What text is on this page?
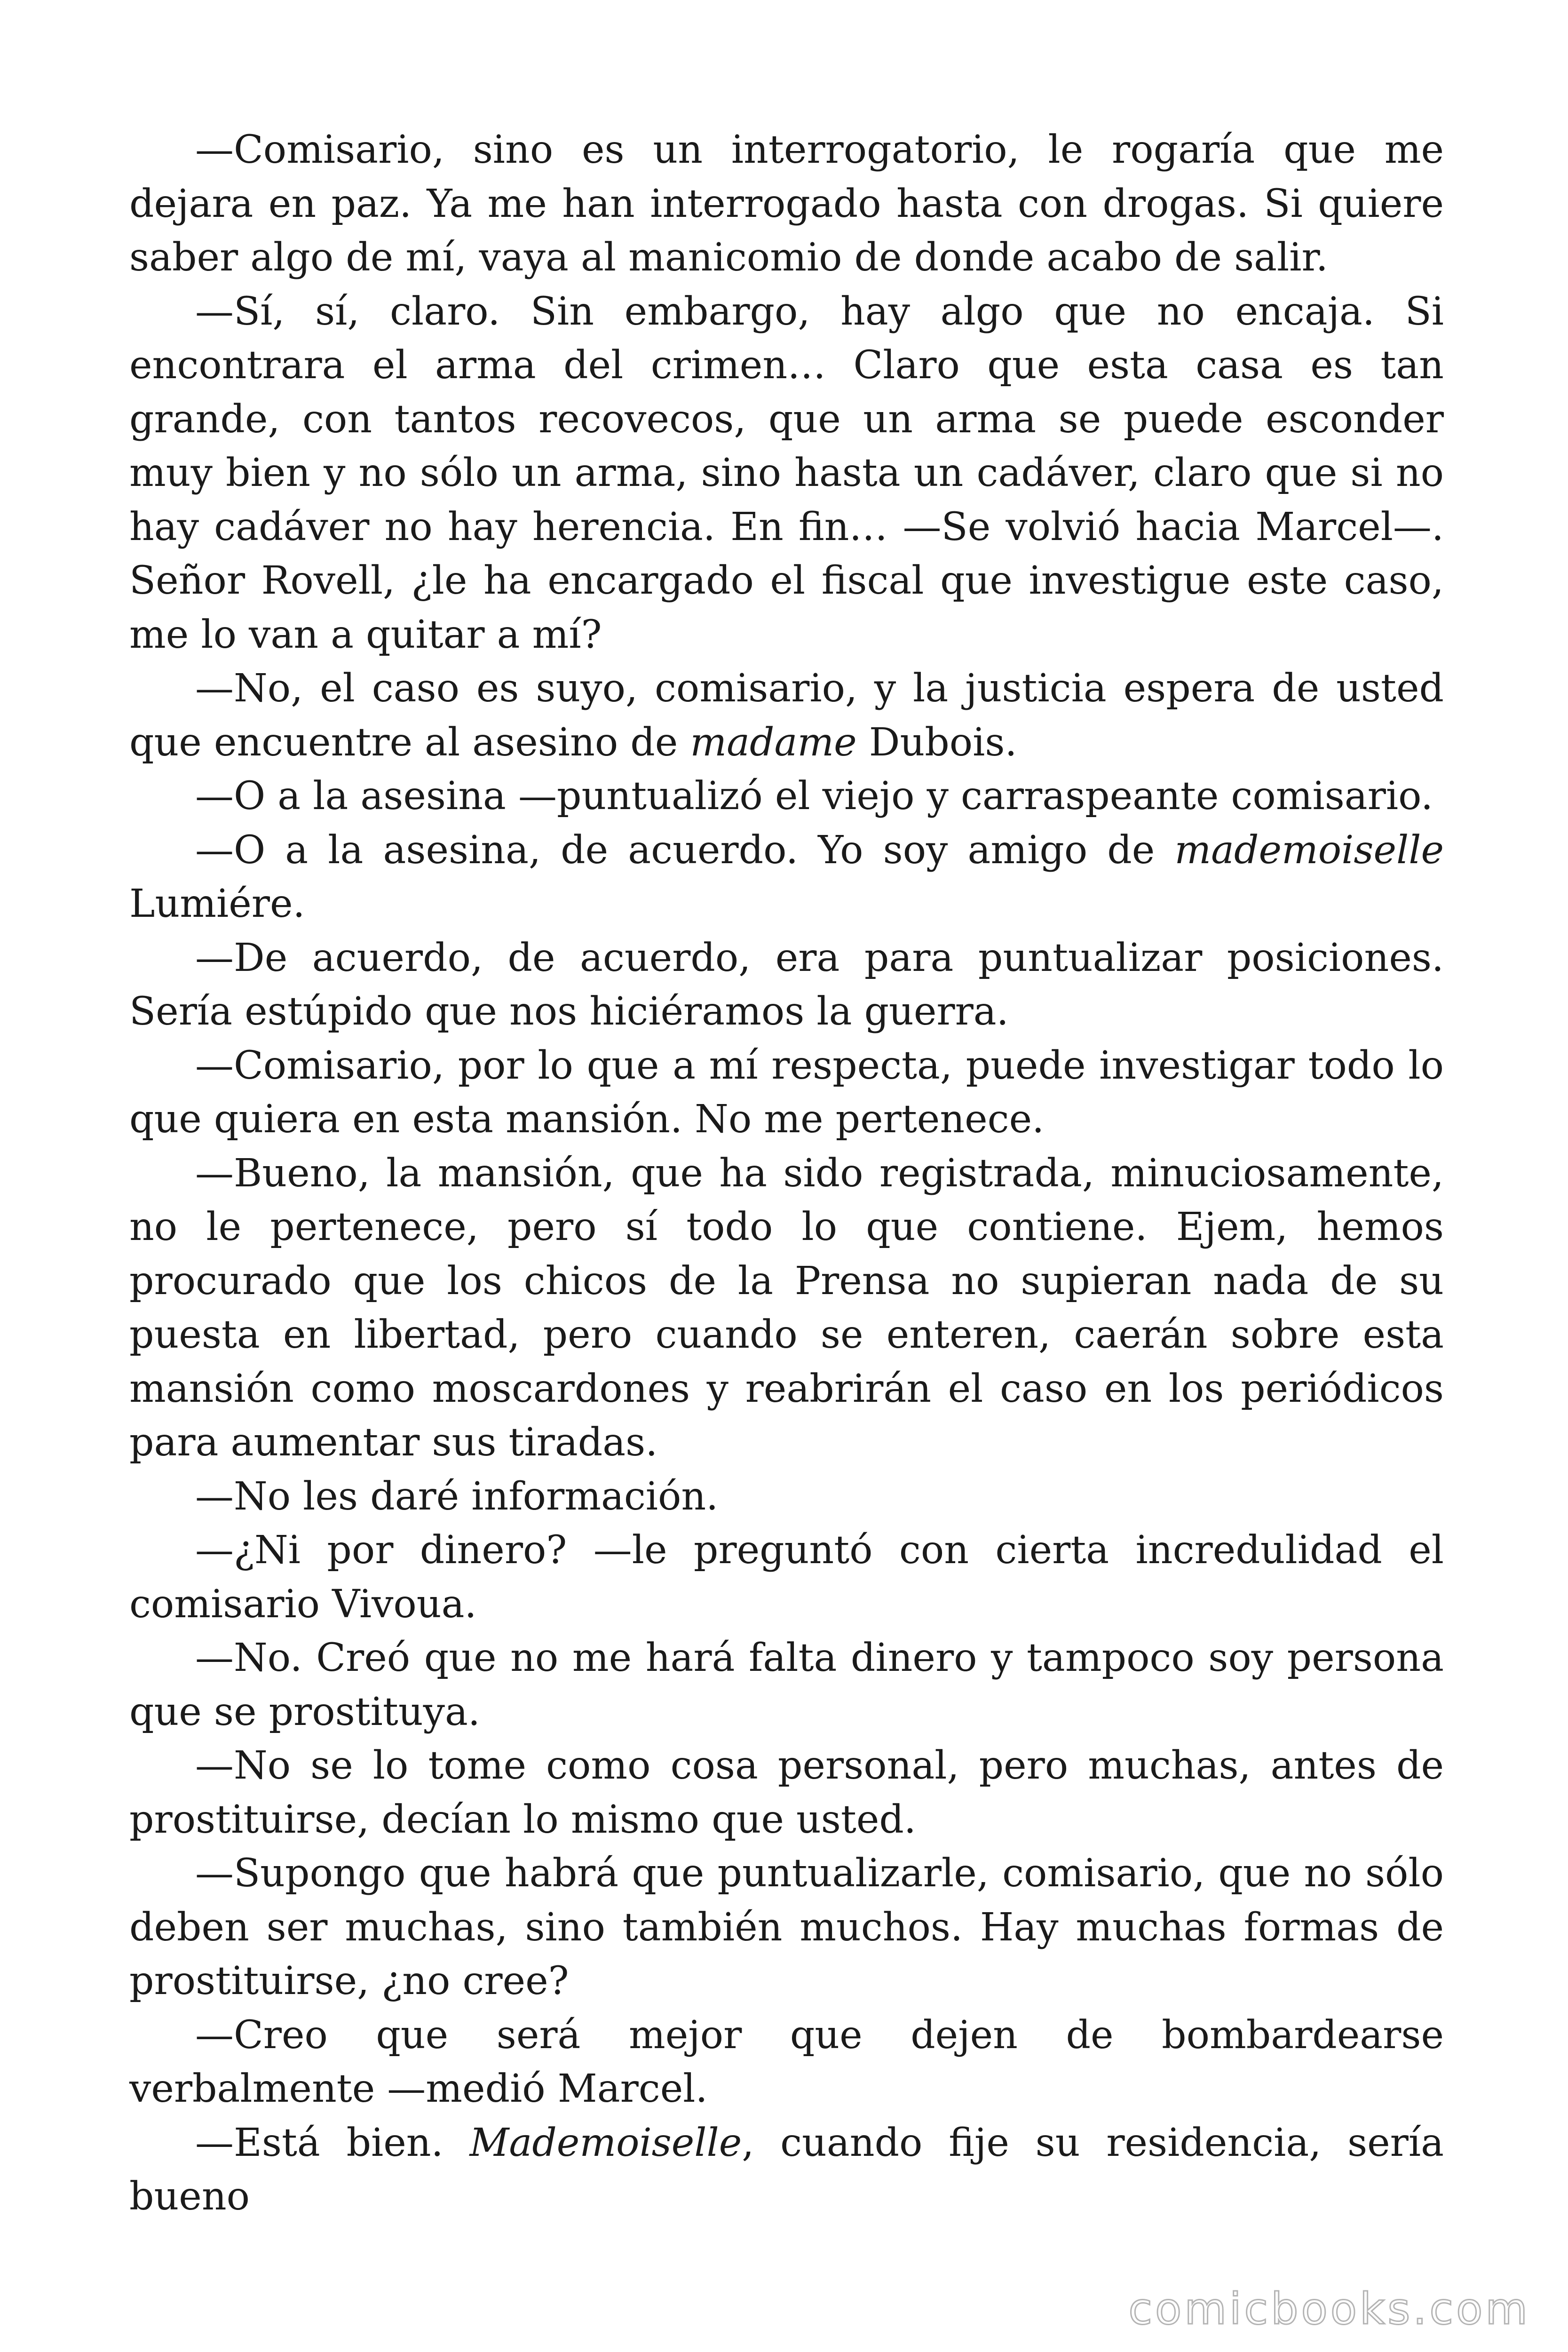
—Comisario, sino es un interrogatorio, le rogaría que me dejara en paz. Ya me han interrogado hasta con drogas. Si quiere saber algo de mí, vaya al manicomio de donde acabo de salir.

—Sí, sí, claro. Sin embargo, hay algo que no encaja. Si encontrara el arma del crimen… Claro que esta casa es tan grande, con tantos recovecos, que un arma se puede esconder muy bien y no sólo un arma, sino hasta un cadáver, claro que si no hay cadáver no hay herencia. En fin… —Se volvió hacia Marcel—. Señor Rovell, ¿le ha encargado el fiscal que investigue este caso, me lo van a quitar a mí?

—No, el caso es suyo, comisario, y la justicia espera de usted que encuentre al asesino de madame Dubois.

—O a la asesina —puntualizó el viejo y carraspeante comisario.

—O a la asesina, de acuerdo. Yo soy amigo de mademoiselle Lumiére.

—De acuerdo, de acuerdo, era para puntualizar posiciones. Sería estúpido que nos hiciéramos la guerra.

—Comisario, por lo que a mí respecta, puede investigar todo lo que quiera en esta mansión. No me pertenece.

—Bueno, la mansión, que ha sido registrada, minuciosamente, no le pertenece, pero sí todo lo que contiene. Ejem, hemos procurado que los chicos de la Prensa no supieran nada de su puesta en libertad, pero cuando se enteren, caerán sobre esta mansión como moscardones y reabrirán el caso en los periódicos para aumentar sus tiradas.

—No les daré información.

—¿Ni por dinero? —le preguntó con cierta incredulidad el comisario Vivoua.

—No. Creó que no me hará falta dinero y tampoco soy persona que se prostituya.

—No se lo tome como cosa personal, pero muchas, antes de prostituirse, decían lo mismo que usted.

—Supongo que habrá que puntualizarle, comisario, que no sólo deben ser muchas, sino también muchos. Hay muchas formas de prostituirse, ¿no cree?

—Creo que será mejor que dejen de bombardearse verbalmente —medió Marcel.

—Está bien. Mademoiselle, cuando fije su residencia, sería bueno

comicbooks.com
